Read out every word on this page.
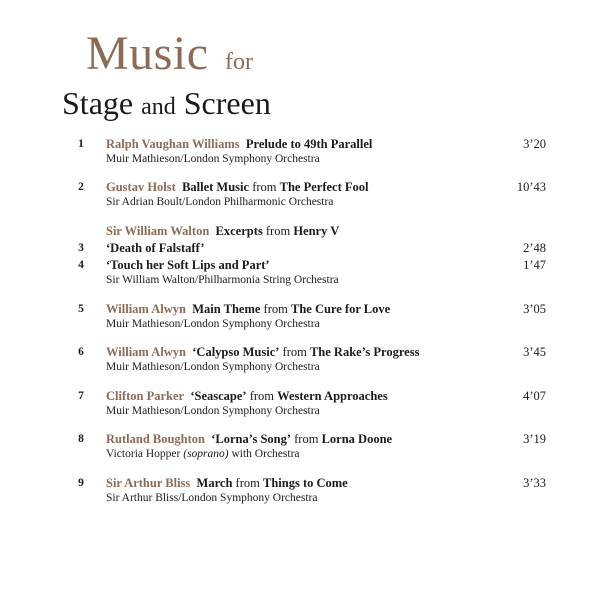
Music for
Stage and Screen
1	Ralph Vaughan Williams Prelude to 49th Parallel	3’20
Muir Mathieson/London Symphony Orchestra
2	Gustav Holst Ballet Music from The Perfect Fool	10’43
Sir Adrian Boult/London Philharmonic Orchestra
Sir William Walton Excerpts from Henry V
3	‘Death of Falstaff’	2’48
4	‘Touch her Soft Lips and Part’	1’47
Sir William Walton/Philharmonia String Orchestra
5	William Alwyn Main Theme from The Cure for Love	3’05
Muir Mathieson/London Symphony Orchestra
6	William Alwyn ‘Calypso Music’ from The Rake’s Progress	3’45
Muir Mathieson/London Symphony Orchestra
7	Clifton Parker ‘Seascape’ from Western Approaches	4’07
Muir Mathieson/London Symphony Orchestra
8	Rutland Boughton ‘Lorna’s Song’ from Lorna Doone	3’19
Victoria Hopper (soprano) with Orchestra
9	Sir Arthur Bliss March from Things to Come	3’33
Sir Arthur Bliss/London Symphony Orchestra
